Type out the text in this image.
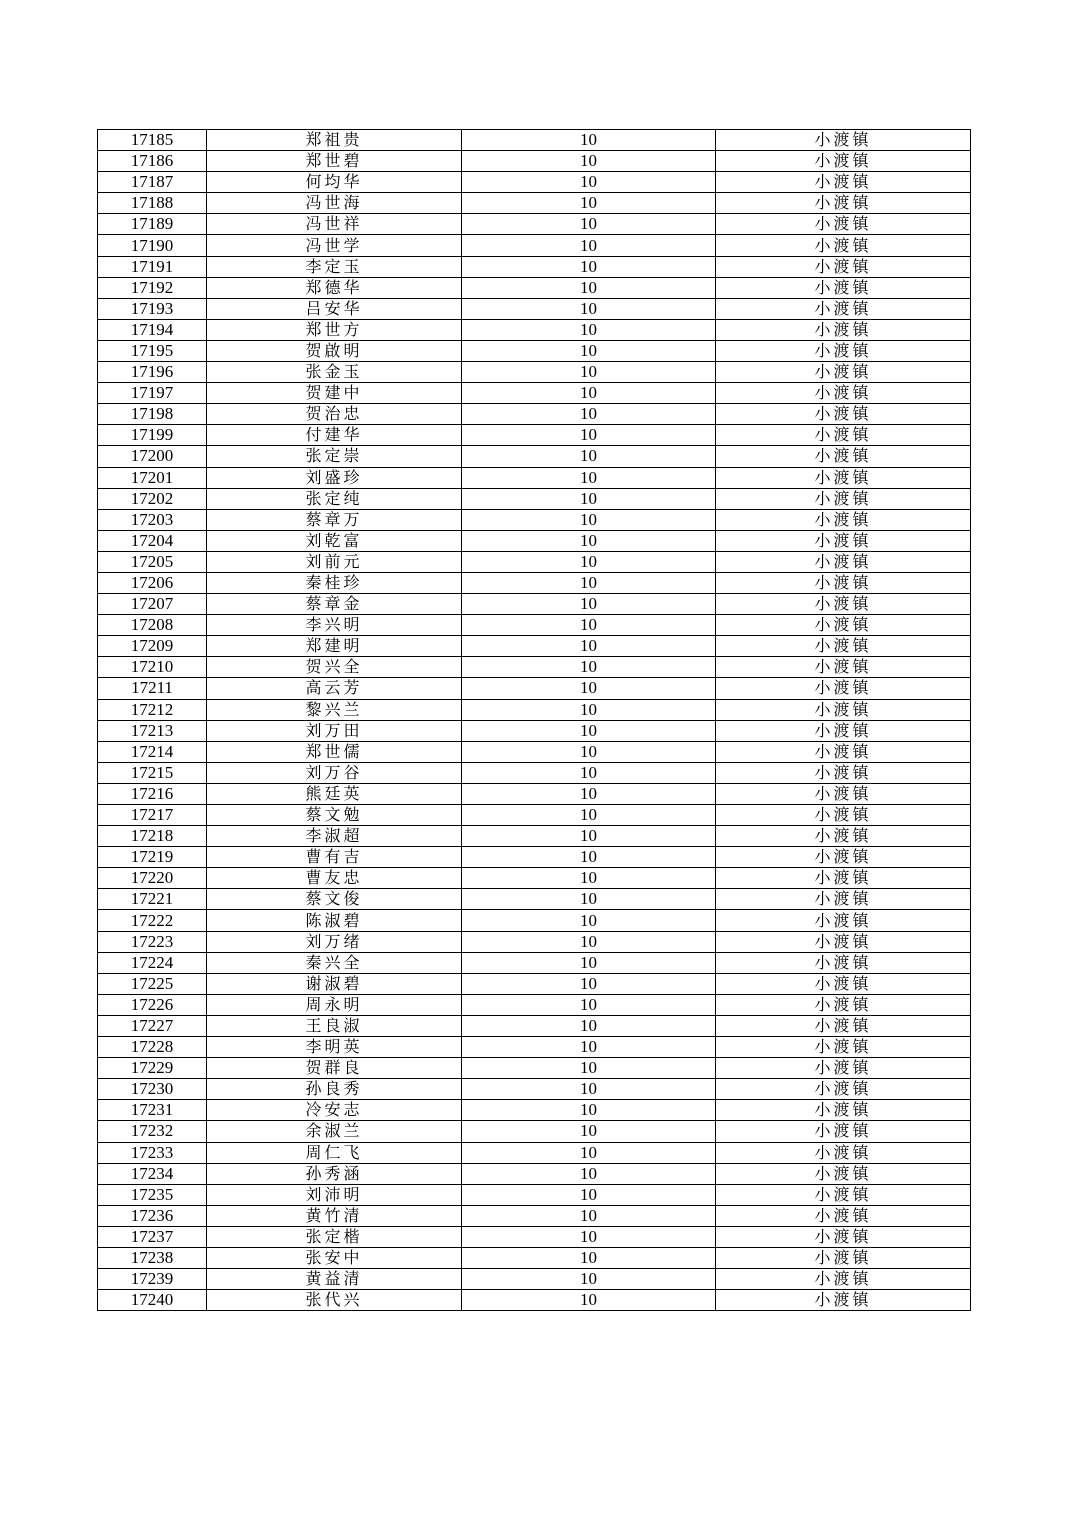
17185	郑祖贵	10	小渡镇
17186	郑世碧	10	小渡镇
17187	何均华	10	小渡镇
17188	冯世海	10	小渡镇
17189	冯世祥	10	小渡镇
17190	冯世学	10	小渡镇
17191	李定玉	10	小渡镇
17192	郑德华	10	小渡镇
17193	吕安华	10	小渡镇
17194	郑世方	10	小渡镇
17195	贺啟明	10	小渡镇
17196	张金玉	10	小渡镇
17197	贺建中	10	小渡镇
17198	贺治忠	10	小渡镇
17199	付建华	10	小渡镇
17200	张定崇	10	小渡镇
17201	刘盛珍	10	小渡镇
17202	张定纯	10	小渡镇
17203	蔡章万	10	小渡镇
17204	刘乾富	10	小渡镇
17205	刘前元	10	小渡镇
17206	秦桂珍	10	小渡镇
17207	蔡章金	10	小渡镇
17208	李兴明	10	小渡镇
17209	郑建明	10	小渡镇
17210	贺兴全	10	小渡镇
17211	高云芳	10	小渡镇
17212	黎兴兰	10	小渡镇
17213	刘万田	10	小渡镇
17214	郑世儒	10	小渡镇
17215	刘万谷	10	小渡镇
17216	熊廷英	10	小渡镇
17217	蔡文勉	10	小渡镇
17218	李淑超	10	小渡镇
17219	曹有吉	10	小渡镇
17220	曹友忠	10	小渡镇
17221	蔡文俊	10	小渡镇
17222	陈淑碧	10	小渡镇
17223	刘万绪	10	小渡镇
17224	秦兴全	10	小渡镇
17225	谢淑碧	10	小渡镇
17226	周永明	10	小渡镇
17227	王良淑	10	小渡镇
17228	李明英	10	小渡镇
17229	贺群良	10	小渡镇
17230	孙良秀	10	小渡镇
17231	冷安志	10	小渡镇
17232	余淑兰	10	小渡镇
17233	周仁飞	10	小渡镇
17234	孙秀涵	10	小渡镇
17235	刘沛明	10	小渡镇
17236	黄竹清	10	小渡镇
17237	张定楷	10	小渡镇
17238	张安中	10	小渡镇
17239	黄益清	10	小渡镇
17240	张代兴	10	小渡镇
